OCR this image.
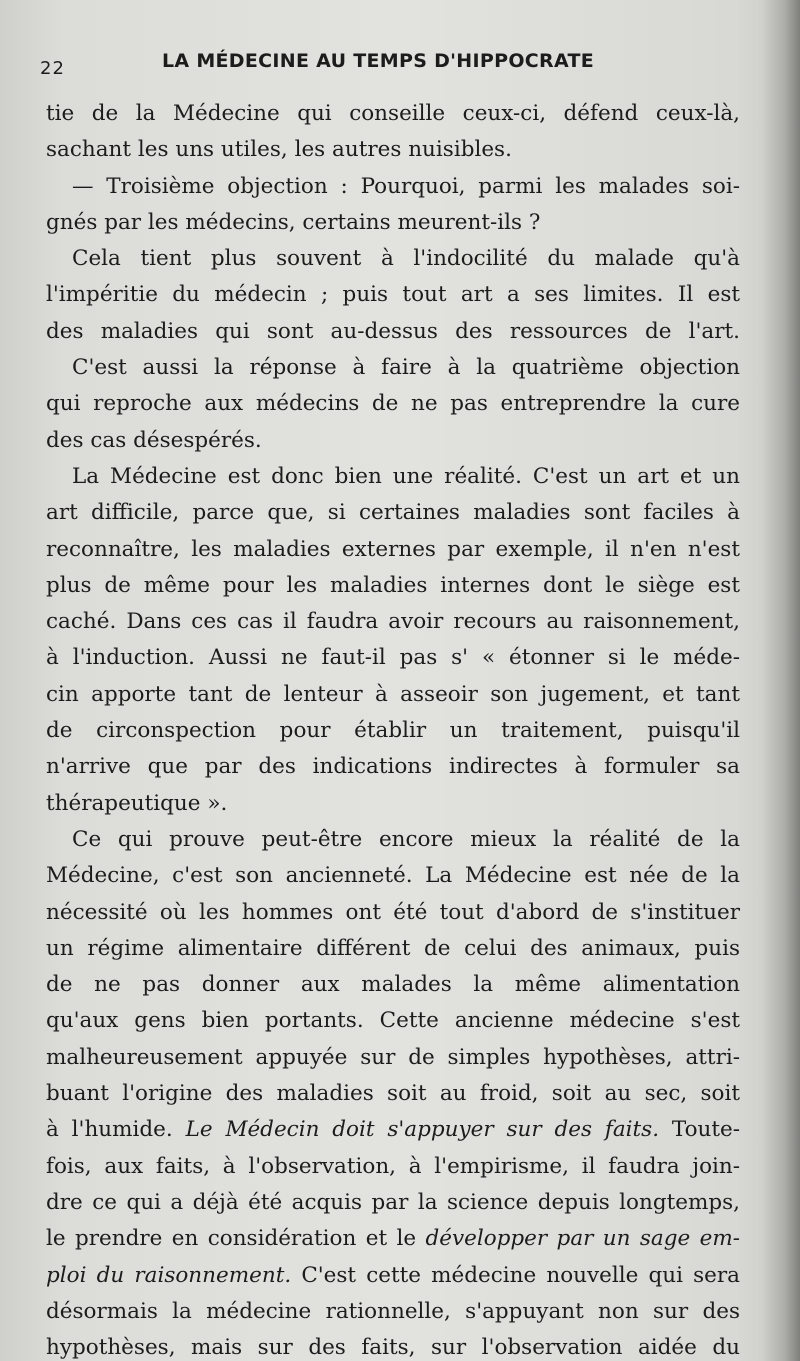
22	LA MÉDECINE AU TEMPS D'HIPPOCRATE
tie de la Médecine qui conseille ceux-ci, défend ceux-là,
sachant les uns utiles, les autres nuisibles.
— Troisième objection : Pourquoi, parmi les malades soi-
gnés par les médecins, certains meurent-ils ?
Cela tient plus souvent à l'indocilité du malade qu'à
l'impéritie du médecin ; puis tout art a ses limites. Il est
des maladies qui sont au-dessus des ressources de l'art.
C'est aussi la réponse à faire à la quatrième objection
qui reproche aux médecins de ne pas entreprendre la cure
des cas désespérés.
La Médecine est donc bien une réalité. C'est un art et un
art difficile, parce que, si certaines maladies sont faciles à
reconnaître, les maladies externes par exemple, il n'en n'est
plus de même pour les maladies internes dont le siège est
caché. Dans ces cas il faudra avoir recours au raisonnement,
à l'induction. Aussi ne faut-il pas s' « étonner si le méde-
cin apporte tant de lenteur à asseoir son jugement, et tant
de circonspection pour établir un traitement, puisqu'il
n'arrive que par des indications indirectes à formuler sa
thérapeutique ».
Ce qui prouve peut-être encore mieux la réalité de la
Médecine, c'est son ancienneté. La Médecine est née de la
nécessité où les hommes ont été tout d'abord de s'instituer
un régime alimentaire différent de celui des animaux, puis
de ne pas donner aux malades la même alimentation
qu'aux gens bien portants. Cette ancienne médecine s'est
malheureusement appuyée sur de simples hypothèses, attri-
buant l'origine des maladies soit au froid, soit au sec, soit
à l'humide. Le Médecin doit s'appuyer sur des faits. Toute-
fois, aux faits, à l'observation, à l'empirisme, il faudra join-
dre ce qui a déjà été acquis par la science depuis longtemps,
le prendre en considération et le développer par un sage em-
ploi du raisonnement. C'est cette médecine nouvelle qui sera
désormais la médecine rationnelle, s'appuyant non sur des
hypothèses, mais sur des faits, sur l'observation aidée du
